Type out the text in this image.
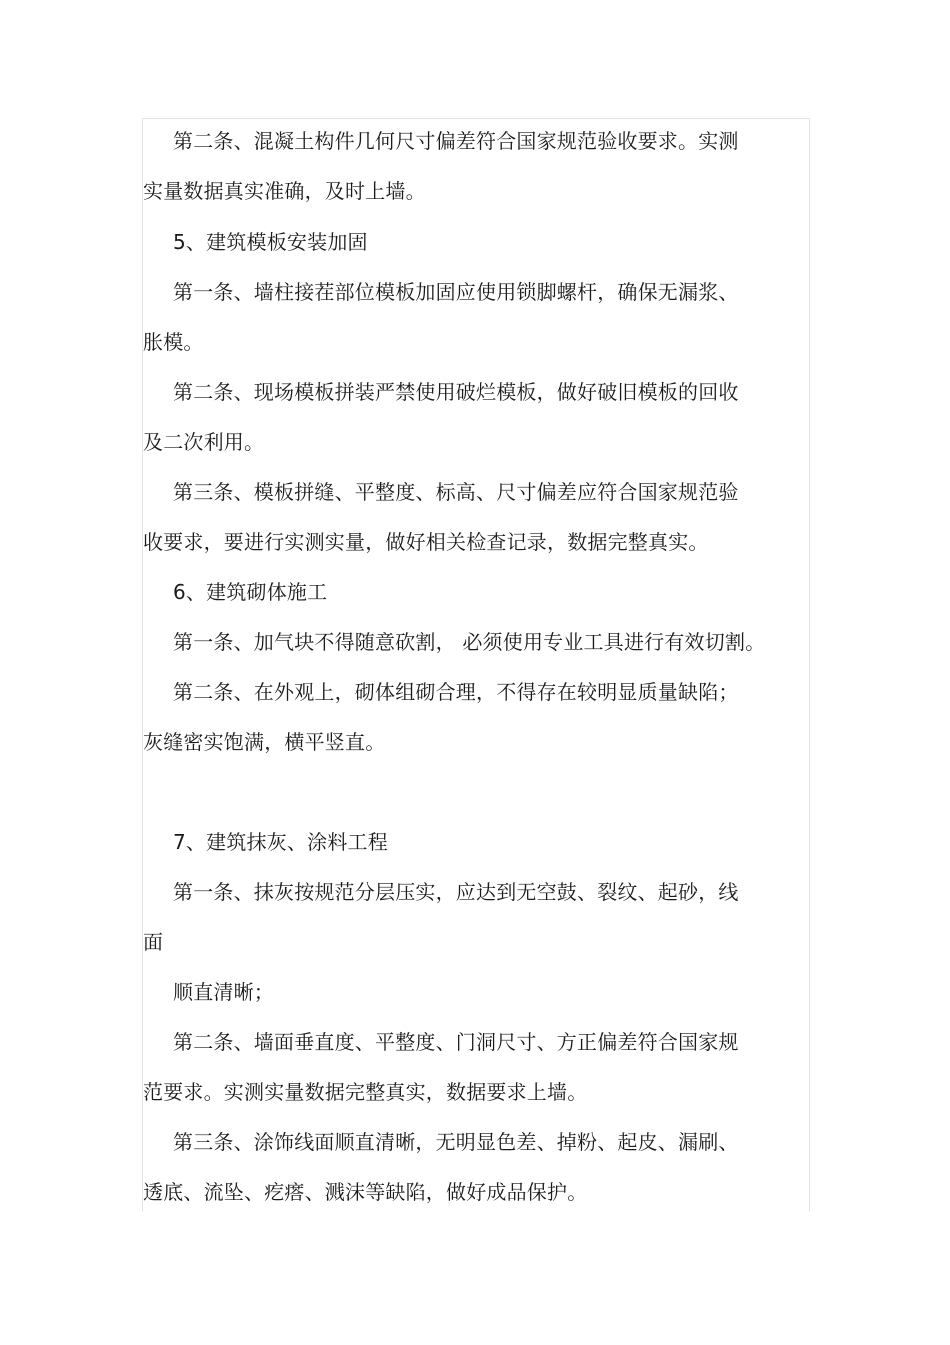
第二条、混凝土构件几何尺寸偏差符合国家规范验收要求。实测
实量数据真实准确，及时上墙。
5、建筑模板安装加固
第一条、墙柱接茬部位模板加固应使用锁脚螺杆，确保无漏浆、
胀模。
第二条、现场模板拼装严禁使用破烂模板，做好破旧模板的回收
及二次利用。
第三条、模板拼缝、平整度、标高、尺寸偏差应符合国家规范验
收要求，要进行实测实量，做好相关检查记录，数据完整真实。
6、建筑砌体施工
第一条、加气块不得随意砍割， 必须使用专业工具进行有效切割。
第二条、在外观上，砌体组砌合理，不得存在较明显质量缺陷；
灰缝密实饱满，横平竖直。
7、建筑抹灰、涂料工程
第一条、抹灰按规范分层压实，应达到无空鼓、裂纹、起砂，线
面
顺直清晰；
第二条、墙面垂直度、平整度、门洞尺寸、方正偏差符合国家规
范要求。实测实量数据完整真实，数据要求上墙。
第三条、涂饰线面顺直清晰，无明显色差、掉粉、起皮、漏刷、
透底、流坠、疙瘩、溅沫等缺陷，做好成品保护。
